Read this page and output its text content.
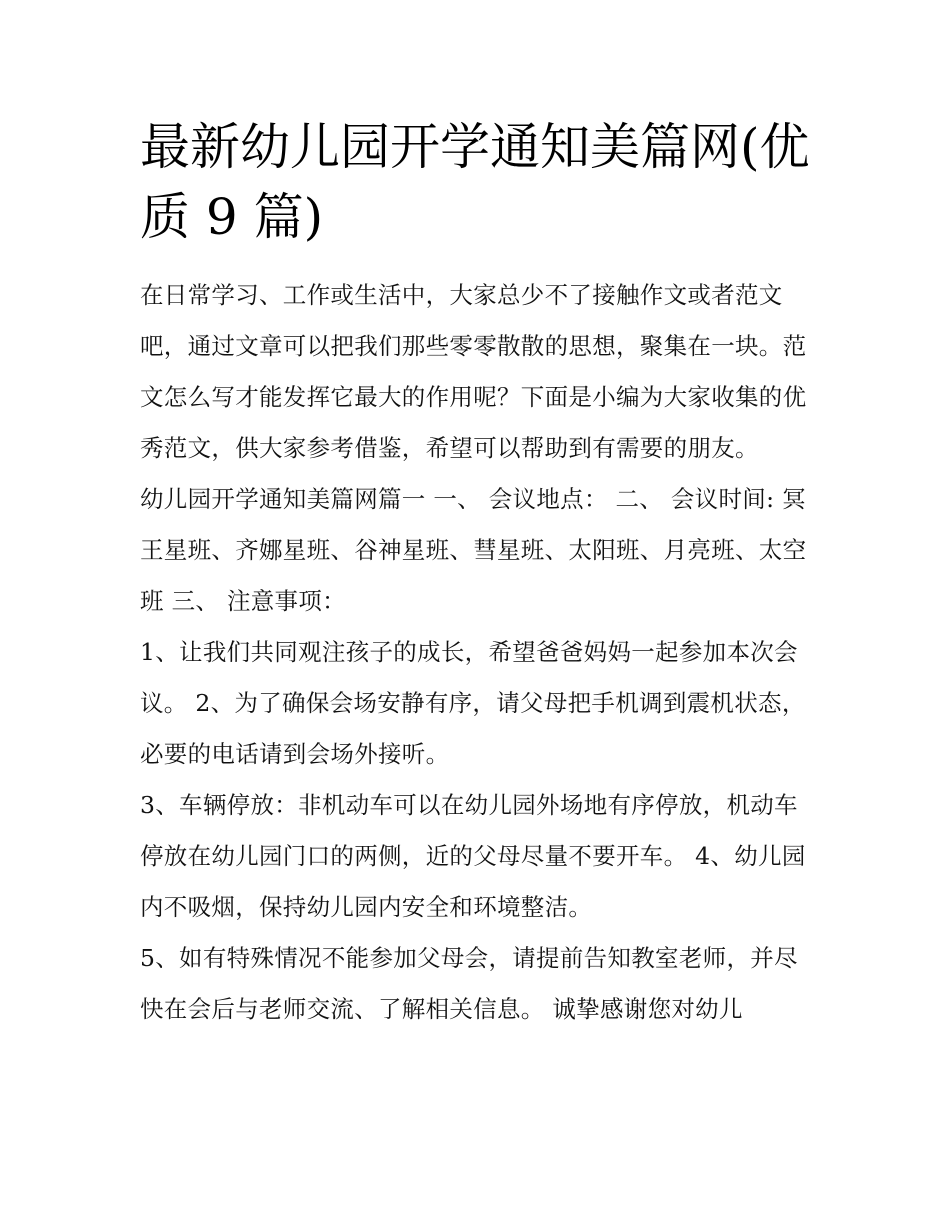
最新幼儿园开学通知美篇网(优质 9 篇)

在日常学习、工作或生活中，大家总少不了接触作文或者范文吧，通过文章可以把我们那些零零散散的思想，聚集在一块。范文怎么写才能发挥它最大的作用呢？下面是小编为大家收集的优秀范文，供大家参考借鉴，希望可以帮助到有需要的朋友。

幼儿园开学通知美篇网篇一 一、 会议地点： 二、 会议时间: 冥王星班、齐娜星班、谷神星班、彗星班、太阳班、月亮班、太空班 三、 注意事项：

1、让我们共同观注孩子的成长，希望爸爸妈妈一起参加本次会议。 2、为了确保会场安静有序，请父母把手机调到震机状态，必要的电话请到会场外接听。

3、车辆停放：非机动车可以在幼儿园外场地有序停放，机动车停放在幼儿园门口的两侧，近的父母尽量不要开车。 4、幼儿园内不吸烟，保持幼儿园内安全和环境整洁。

5、如有特殊情况不能参加父母会，请提前告知教室老师，并尽快在会后与老师交流、了解相关信息。 诚挚感谢您对幼儿
